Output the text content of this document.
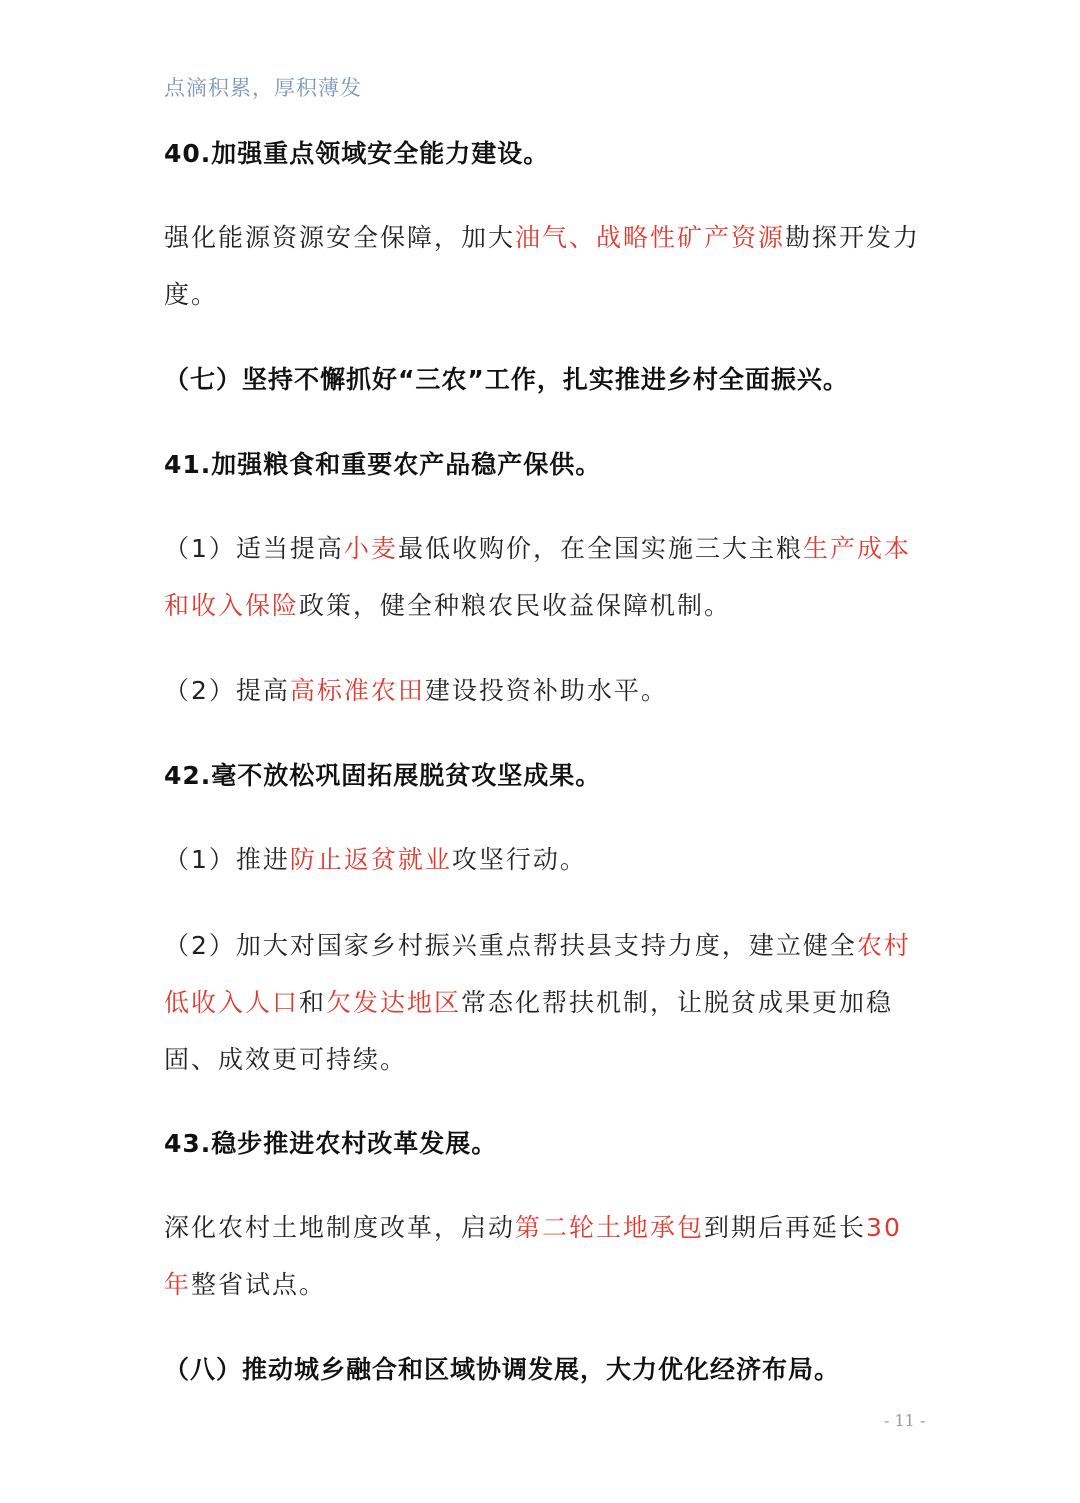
点滴积累，厚积薄发
40.加强重点领域安全能力建设。
强化能源资源安全保障，加大油气、战略性矿产资源勘探开发力度。
（七）坚持不懈抓好“三农”工作，扎实推进乡村全面振兴。
41.加强粮食和重要农产品稳产保供。
（1）适当提高小麦最低收购价，在全国实施三大主粮生产成本和收入保险政策，健全种粮农民收益保障机制。
（2）提高高标准农田建设投资补助水平。
42.毫不放松巩固拓展脱贫攻坚成果。
（1）推进防止返贫就业攻坚行动。
（2）加大对国家乡村振兴重点帮扶县支持力度，建立健全农村低收入人口和欠发达地区常态化帮扶机制，让脱贫成果更加稳固、成效更可持续。
43.稳步推进农村改革发展。
深化农村土地制度改革，启动第二轮土地承包到期后再延长30年整省试点。
（八）推动城乡融合和区域协调发展，大力优化经济布局。
- 11 -
